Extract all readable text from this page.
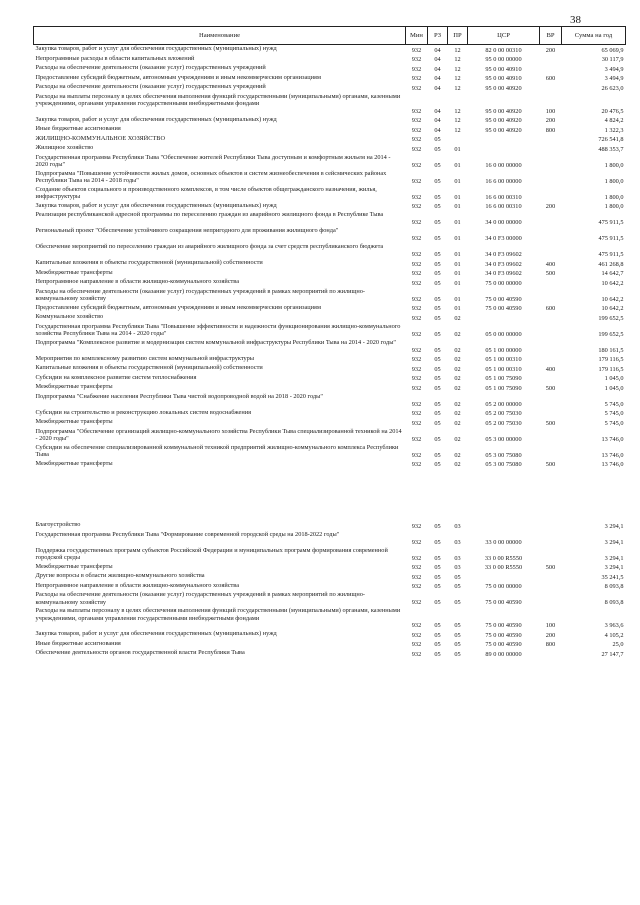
38
Наименование	Мин	РЗ	ПР	ЦСР	ВР	Сумма на год
Закупка товаров, работ и услуг для обеспечения государственных (муниципальных) нужд	932	04	12	82 0 00 00310	200	65 069,9
Непрограммные расходы в области капитальных вложений	932	04	12	95 0 00 00000		30 117,9
Расходы на обеспечение деятельности (оказание услуг) государственных учреждений	932	04	12	95 0 00 40910		3 494,9
Предоставление субсидий бюджетным, автономным учреждениям и иным некоммерческим организациям	932	04	12	95 0 00 40910	600	3 494,9
Расходы на обеспечение деятельности (оказание услуг) государственных учреждений	932	04	12	95 0 00 40920		26 623,0
Расходы на выплаты персоналу в целях обеспечения выполнения функций государственными (муниципальными) органами, казенными учреждениями, органами управления государственными внебюджетными фондами	932	04	12	95 0 00 40920	100	20 476,5
Закупка товаров, работ и услуг для обеспечения государственных (муниципальных) нужд	932	04	12	95 0 00 40920	200	4 824,2
Иные бюджетные ассигнования	932	04	12	95 0 00 40920	800	1 322,3
ЖИЛИЩНО-КОММУНАЛЬНОЕ ХОЗЯЙСТВО	932	05				726 541,8
Жилищное хозяйство	932	05	01			488 353,7
Государственная программа Республики Тыва "Обеспечение жителей Республики Тыва доступным и комфортным жильем на 2014 - 2020 годы"	932	05	01	16 0 00 00000		1 800,0
Подпрограмма "Повышение устойчивости жилых домов, основных объектов и систем жизнеобеспечения в сейсмических районах Республики Тыва на 2014 - 2018 годы"	932	05	01	16 6 00 00000		1 800,0
Создание объектов социального и производственного комплексов, в том числе объектов общегражданского назначения, жилья, инфраструктуры	932	05	01	16 6 00 00310		1 800,0
Закупка товаров, работ и услуг для обеспечения государственных (муниципальных) нужд	932	05	01	16 6 00 00310	200	1 800,0
Реализация республиканской адресной программы по переселению граждан из аварийного жилищного фонда в Республике Тыва	932	05	01	34 0 00 00000		475 911,5
Региональный проект "Обеспечение устойчивого сокращения непригодного для проживания жилищного фонда"	932	05	01	34 0 F3 00000		475 911,5
Обеспечение мероприятий по переселению граждан из аварийного жилищного фонда за счет средств республиканского бюджета	932	05	01	34 0 F3 09602		475 911,5
Капитальные вложения в объекты государственной (муниципальной) собственности	932	05	01	34 0 F3 09602	400	461 268,8
Межбюджетные трансферты	932	05	01	34 0 F3 09602	500	14 642,7
Непрограммное направление в области жилищно-коммунального хозяйства	932	05	01	75 0 00 00000		10 642,2
Расходы на обеспечение деятельности (оказание услуг) государственных учреждений в рамках мероприятий по жилищно-коммунальному хозяйству	932	05	01	75 0 00 40590		10 642,2
Предоставление субсидий бюджетным, автономным учреждениям и иным некоммерческим организациям	932	05	01	75 0 00 40590	600	10 642,2
Коммунальное хозяйство	932	05	02			199 652,5
Государственная программа Республики Тыва "Повышение эффективности и надежности функционирования жилищно-коммунального хозяйства Республики Тыва на 2014 - 2020 годы"	932	05	02	05 0 00 00000		199 652,5
Подпрограмма "Комплексное развитие и модернизация систем коммунальной инфраструктуры Республики Тыва на 2014 - 2020 годы"	932	05	02	05 1 00 00000		180 161,5
Мероприятия по комплексному развитию систем коммунальной инфраструктуры	932	05	02	05 1 00 00310		179 116,5
Капитальные вложения в объекты государственной (муниципальной) собственности	932	05	02	05 1 00 00310	400	179 116,5
Субсидии на комплексное развитие систем теплоснабжения	932	05	02	05 1 00 75090		1 045,0
Межбюджетные трансферты	932	05	02	05 1 00 75090	500	1 045,0
Подпрограмма "Снабжение населения Республики Тыва чистой водопроводной водой на 2018 - 2020 годы"	932	05	02	05 2 00 00000		5 745,0
Субсидии на строительство и реконструкцию локальных систем водоснабжения	932	05	02	05 2 00 75030		5 745,0
Межбюджетные трансферты	932	05	02	05 2 00 75030	500	5 745,0
Подпрограмма "Обеспечение организаций жилищно-коммунального хозяйства Республики Тыва специализированной техникой на 2014 - 2020 годы"	932	05	02	05 3 00 00000		13 746,0
Субсидии на обеспечение специализированной коммунальной техникой предприятий жилищно-коммунального комплекса Республики Тыва	932	05	02	05 3 00 75080		13 746,0
Межбюджетные трансферты	932	05	02	05 3 00 75080	500	13 746,0

Благоустройство	932	05	03			3 294,1
Государственная программа Республики Тыва "Формирование современной городской среды на 2018-2022 годы"	932	05	03	33 0 00 00000		3 294,1
Поддержка государственных программ субъектов Российской Федерации и муниципальных программ формирования современной городской среды	932	05	03	33 0 00 R5550		3 294,1
Межбюджетные трансферты	932	05	03	33 0 00 R5550	500	3 294,1
Другие вопросы в области жилищно-коммунального хозяйства	932	05	05			35 241,5
Непрограммное направление в области жилищно-коммунального хозяйства	932	05	05	75 0 00 00000		8 093,8
Расходы на обеспечение деятельности (оказание услуг) государственных учреждений в рамках мероприятий по жилищно-коммунальному хозяйству	932	05	05	75 0 00 40590		8 093,8
Расходы на выплаты персоналу в целях обеспечения выполнения функций государственными (муниципальными) органами, казенными учреждениями, органами управления государственными внебюджетными фондами	932	05	05	75 0 00 40590	100	3 963,6
Закупка товаров, работ и услуг для обеспечения государственных (муниципальных) нужд	932	05	05	75 0 00 40590	200	4 105,2
Иные бюджетные ассигнования	932	05	05	75 0 00 40590	800	25,0
Обеспечение деятельности органов государственной власти Республики Тыва	932	05	05	89 0 00 00000		27 147,7
